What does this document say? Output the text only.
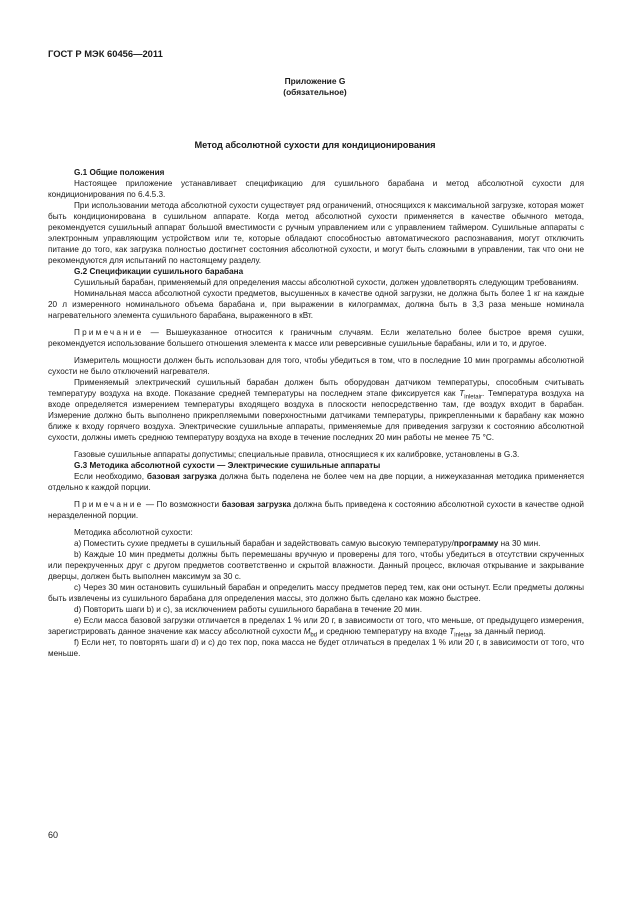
ГОСТ Р МЭК 60456—2011
Приложение G
(обязательное)
Метод абсолютной сухости для кондиционирования

G.1 Общие положения

Настоящее приложение устанавливает спецификацию для сушильного барабана и метод абсолютной сухости для кондиционирования по 6.4.5.3.

При использовании метода абсолютной сухости существует ряд ограничений, относящихся к максимальной загрузке, которая может быть кондиционирована в сушильном аппарате. Когда метод абсолютной сухости применяется в качестве обычного метода, рекомендуется сушильный аппарат большой вместимости с ручным управлением или с управлением таймером. Сушильные аппараты с электронным управляющим устройством или те, которые обладают способностью автоматического распознавания, могут отключить питание до того, как загрузка полностью достигнет состояния абсолютной сухости, и могут быть сложными в управлении, так что они не рекомендуются для испытаний по настоящему разделу.

G.2 Спецификации сушильного барабана

Сушильный барабан, применяемый для определения массы абсолютной сухости, должен удовлетворять следующим требованиям.

Номинальная масса абсолютной сухости предметов, высушенных в качестве одной загрузки, не должна быть более 1 кг на каждые 20 л измеренного номинального объема барабана и, при выражении в килограммах, должна быть в 3,3 раза меньше номинала нагревательного элемента сушильного барабана, выраженного в кВт.

Примечание — Вышеуказанное относится к граничным случаям. Если желательно более быстрое время сушки, рекомендуется использование большего отношения элемента к массе или реверсивные сушильные барабаны, или и то, и другое.

Измеритель мощности должен быть использован для того, чтобы убедиться в том, что в последние 10 мин программы абсолютной сухости не было отключений нагревателя.

Применяемый электрический сушильный барабан должен быть оборудован датчиком температуры, способным считывать температуру воздуха на входе. Показание средней температуры на последнем этапе фиксируется как $T_{inletair}$. Температура воздуха на входе определяется измерением температуры входящего воздуха в плоскости непосредственно там, где воздух входит в барабан. Измерение должно быть выполнено прикрепляемыми поверхностными датчиками температуры, прикрепленными к барабану как можно ближе к входу горячего воздуха. Электрические сушильные аппараты, применяемые для приведения загрузки к состоянию абсолютной сухости, должны иметь среднюю температуру воздуха на входе в течение последних 20 мин работы не менее 75 °С.

Газовые сушильные аппараты допустимы; специальные правила, относящиеся к их калибровке, установлены в G.3.

G.3 Методика абсолютной сухости — Электрические сушильные аппараты

Если необходимо, базовая загрузка должна быть поделена не более чем на две порции, а нижеуказанная методика применяется отдельно к каждой порции.

Примечание — По возможности базовая загрузка должна быть приведена к состоянию абсолютной сухости в качестве одной неразделенной порции.

Методика абсолютной сухости:

a) Поместить сухие предметы в сушильный барабан и задействовать самую высокую температуру/программу на 30 мин.

b) Каждые 10 мин предметы должны быть перемешаны вручную и проверены для того, чтобы убедиться в отсутствии скрученных или перекрученных друг с другом предметов соответственно и скрытой влажности. Данный процесс, включая открывание и закрывание дверцы, должен быть выполнен максимум за 30 с.

c) Через 30 мин остановить сушильный барабан и определить массу предметов перед тем, как они остынут. Если предметы должны быть извлечены из сушильного барабана для определения массы, это должно быть сделано как можно быстрее.

d) Повторить шаги b) и c), за исключением работы сушильного барабана в течение 20 мин.

e) Если масса базовой загрузки отличается в пределах 1 % или 20 г, в зависимости от того, что меньше, от предыдущего измерения, зарегистрировать данное значение как массу абсолютной сухости $M_{bd}$ и среднюю температуру на входе $T_{inletair}$ за данный период.

f) Если нет, то повторять шаги d) и c) до тех пор, пока масса не будет отличаться в пределах 1 % или 20 г, в зависимости от того, что меньше.

60
